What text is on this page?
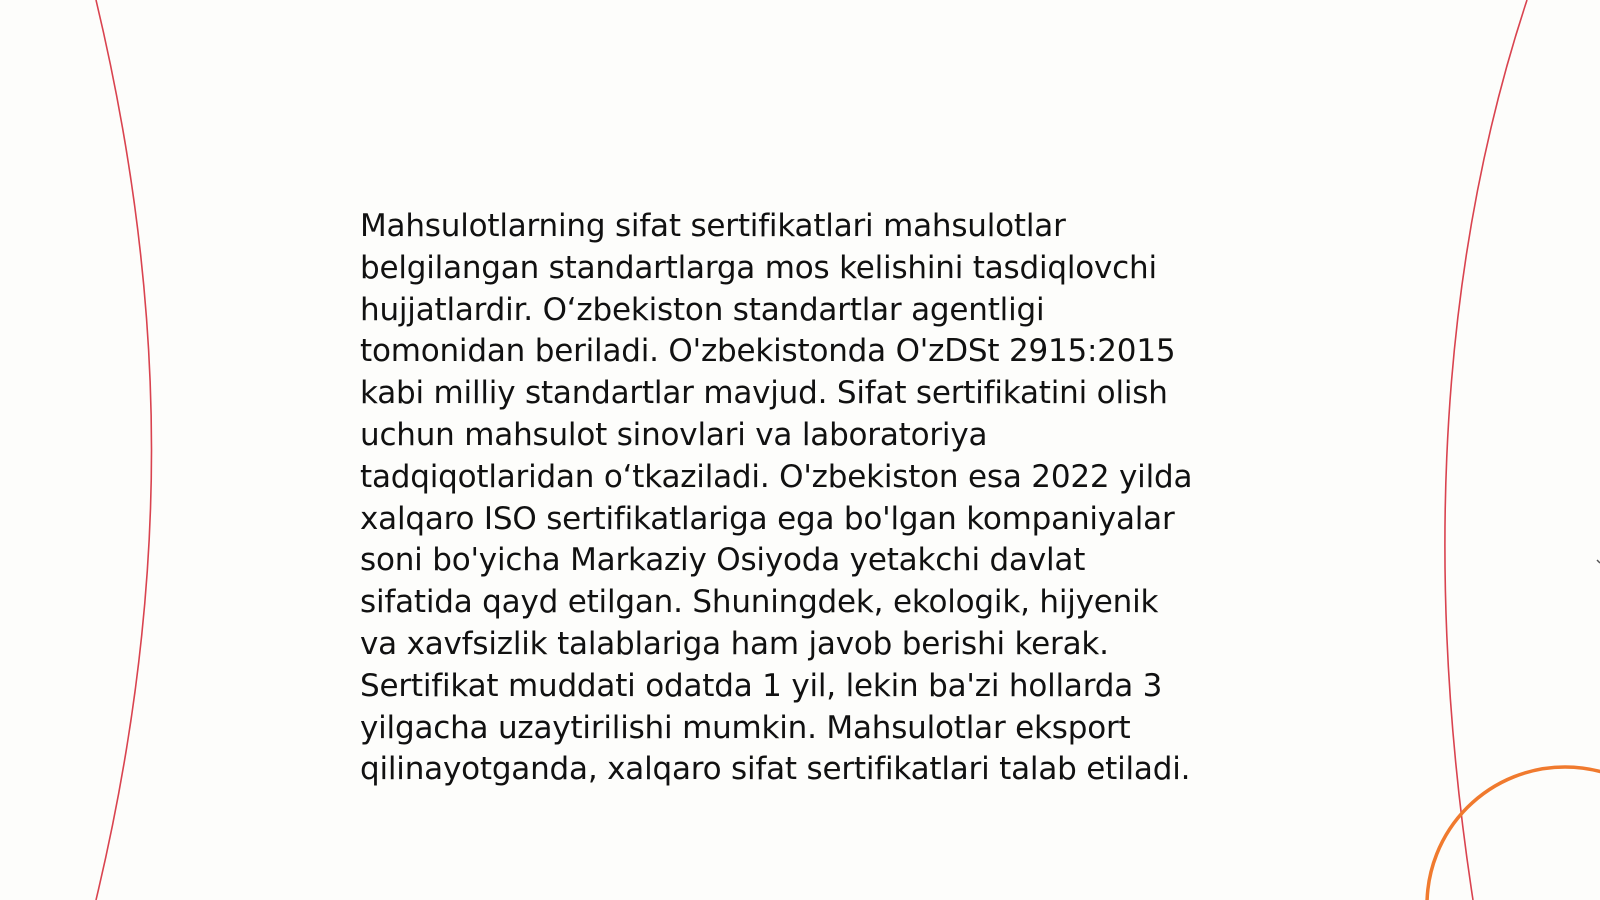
Mahsulotlarning sifat sertifikatlari mahsulotlar
belgilangan standartlarga mos kelishini tasdiqlovchi
hujjatlardir. O‘zbekiston standartlar agentligi
tomonidan beriladi. O'zbekistonda O'zDSt 2915:2015
kabi milliy standartlar mavjud. Sifat sertifikatini olish
uchun mahsulot sinovlari va laboratoriya
tadqiqotlaridan o‘tkaziladi. O'zbekiston esa 2022 yilda
xalqaro ISO sertifikatlariga ega bo'lgan kompaniyalar
soni bo'yicha Markaziy Osiyoda yetakchi davlat
sifatida qayd etilgan. Shuningdek, ekologik, hijyenik
va xavfsizlik talablariga ham javob berishi kerak.
Sertifikat muddati odatda 1 yil, lekin ba'zi hollarda 3
yilgacha uzaytirilishi mumkin. Mahsulotlar eksport
qilinayotganda, xalqaro sifat sertifikatlari talab etiladi.
